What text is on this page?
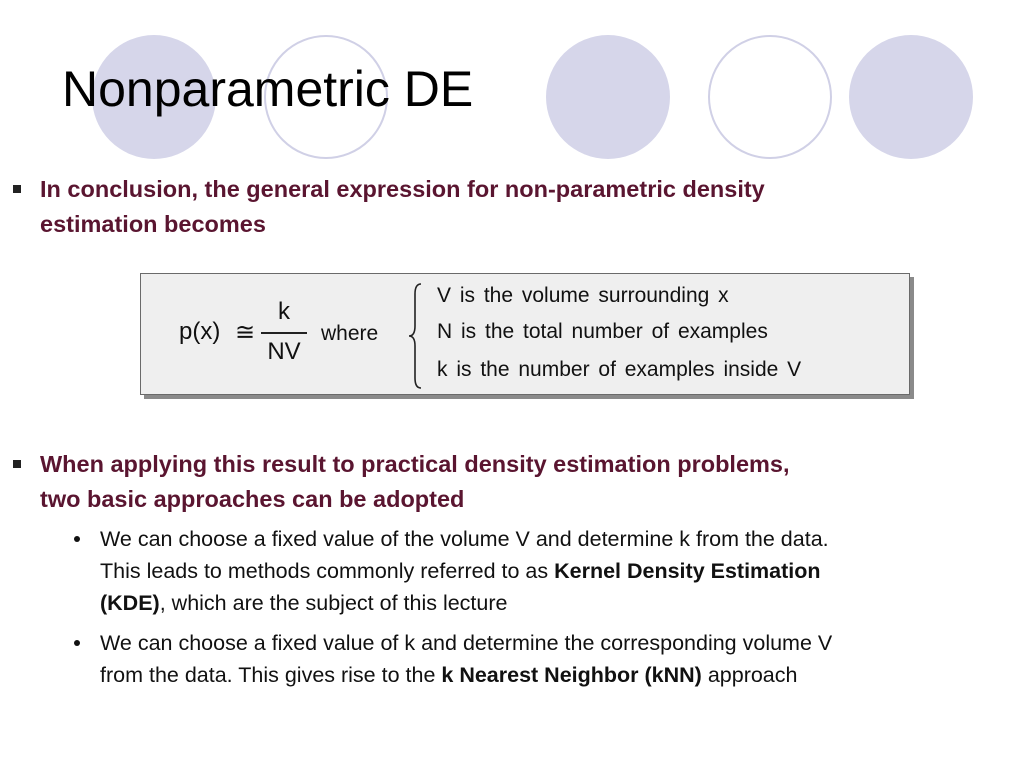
Nonparametric DE
In conclusion, the general expression for non-parametric density
estimation becomes
p(x) ≅
k
NV
where
V is the volume surrounding x
N is the total number of examples
k is the number of examples inside V
When applying this result to practical density estimation problems,
two basic approaches can be adopted
We can choose a fixed value of the volume V and determine k from the data.
This leads to methods commonly referred to as Kernel Density Estimation
(KDE), which are the subject of this lecture
We can choose a fixed value of k and determine the corresponding volume V
from the data. This gives rise to the k Nearest Neighbor (kNN) approach
